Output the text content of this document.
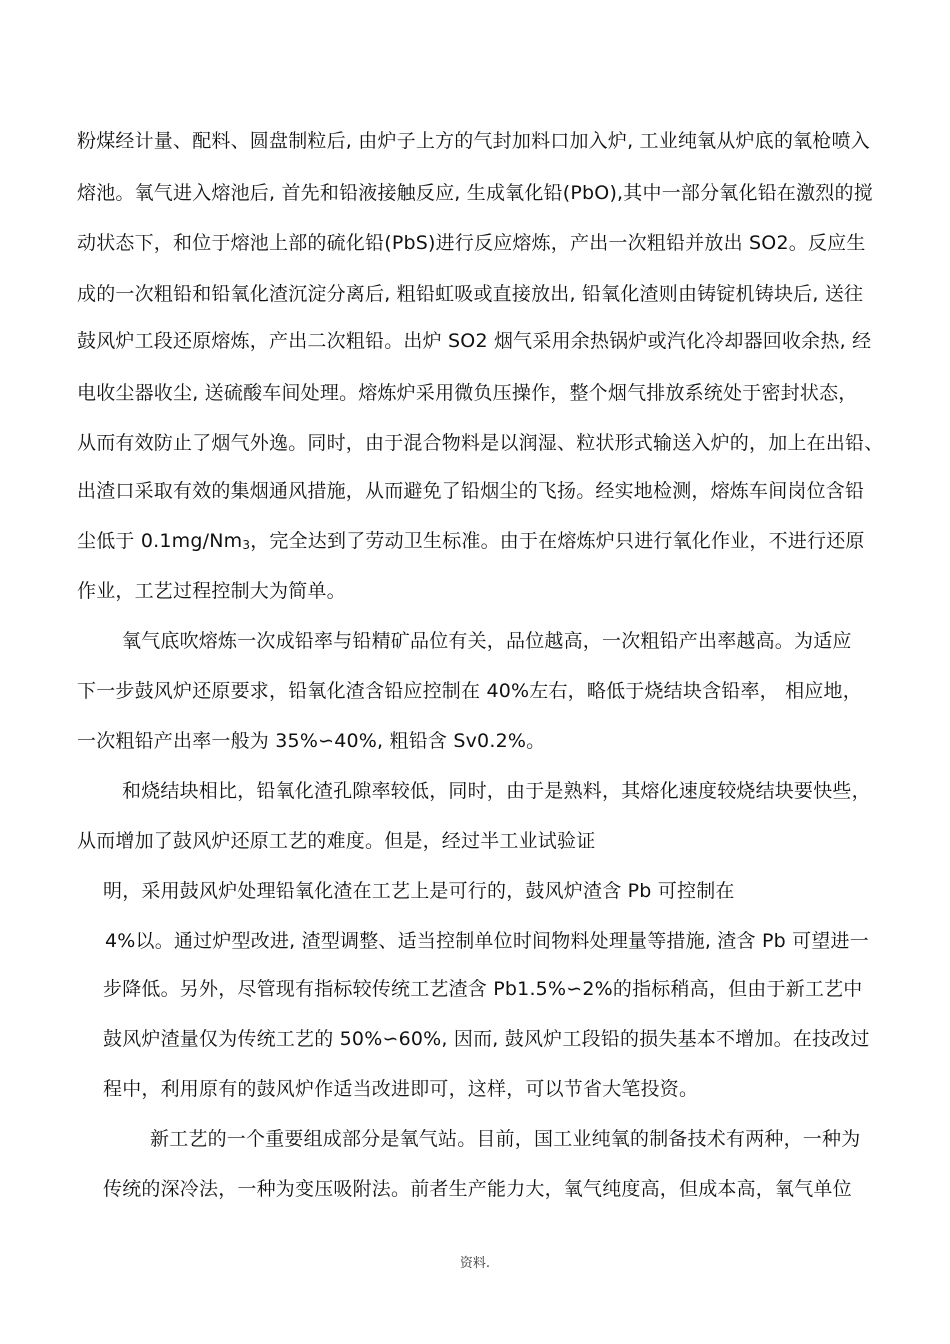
粉煤经计量、配料、圆盘制粒后, 由炉子上方的气封加料口加入炉, 工业纯氧从炉底的氧枪喷入
熔池。氧气进入熔池后, 首先和铅液接触反应, 生成氧化铅(PbO),其中一部分氧化铅在激烈的搅
动状态下，和位于熔池上部的硫化铅(PbS)进行反应熔炼，产出一次粗铅并放出 SO2。反应生
成的一次粗铅和铅氧化渣沉淀分离后, 粗铅虹吸或直接放出, 铅氧化渣则由铸锭机铸块后, 送往
鼓风炉工段还原熔炼，产出二次粗铅。出炉 SO2 烟气采用余热锅炉或汽化冷却器回收余热, 经
电收尘器收尘, 送硫酸车间处理。熔炼炉采用微负压操作，整个烟气排放系统处于密封状态，
从而有效防止了烟气外逸。同时，由于混合物料是以润湿、粒状形式输送入炉的，加上在出铅、
出渣口采取有效的集烟通风措施，从而避免了铅烟尘的飞扬。经实地检测，熔炼车间岗位含铅
尘低于 0.1mg/Nm3，完全达到了劳动卫生标准。由于在熔炼炉只进行氧化作业，不进行还原
作业，工艺过程控制大为简单。
氧气底吹熔炼一次成铅率与铅精矿品位有关，品位越高，一次粗铅产出率越高。为适应
下一步鼓风炉还原要求，铅氧化渣含铅应控制在 40%左右，略低于烧结块含铅率， 相应地，
一次粗铅产出率一般为 35%∽40%, 粗铅含 Sv0.2%。
和烧结块相比，铅氧化渣孔隙率较低，同时，由于是熟料，其熔化速度较烧结块要快些，
从而增加了鼓风炉还原工艺的难度。但是，经过半工业试验证
明，采用鼓风炉处理铅氧化渣在工艺上是可行的，鼓风炉渣含 Pb 可控制在
4%以。通过炉型改进, 渣型调整、适当控制单位时间物料处理量等措施, 渣含 Pb 可望进一
步降低。另外，尽管现有指标较传统工艺渣含 Pb1.5%∽2%的指标稍高，但由于新工艺中
鼓风炉渣量仅为传统工艺的 50%∽60%, 因而, 鼓风炉工段铅的损失基本不增加。在技改过
程中，利用原有的鼓风炉作适当改进即可，这样，可以节省大笔投资。
新工艺的一个重要组成部分是氧气站。目前，国工业纯氧的制备技术有两种，一种为
传统的深冷法，一种为变压吸附法。前者生产能力大，氧气纯度高，但成本高，氧气单位
资料.
